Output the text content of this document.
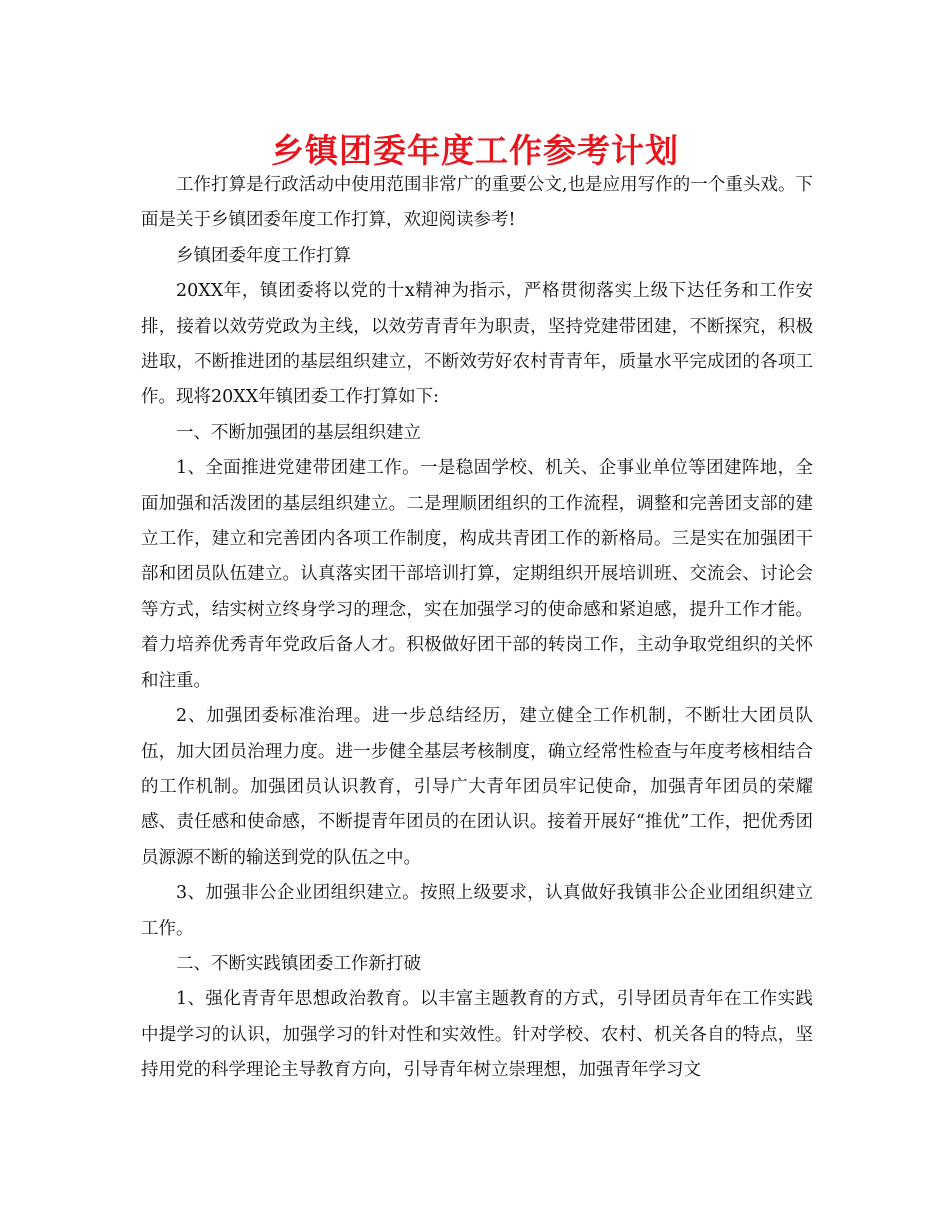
乡镇团委年度工作参考计划

工作打算是行政活动中使用范围非常广的重要公文,也是应用写作的一个重头戏。下面是关于乡镇团委年度工作打算，欢迎阅读参考!

乡镇团委年度工作打算

20XX年，镇团委将以党的十x精神为指示，严格贯彻落实上级下达任务和工作安排，接着以效劳党政为主线，以效劳青青年为职责，坚持党建带团建，不断探究，积极进取，不断推进团的基层组织建立，不断效劳好农村青青年，质量水平完成团的各项工作。现将20XX年镇团委工作打算如下:

一、不断加强团的基层组织建立

1、全面推进党建带团建工作。一是稳固学校、机关、企事业单位等团建阵地，全面加强和活泼团的基层组织建立。二是理顺团组织的工作流程，调整和完善团支部的建立工作，建立和完善团内各项工作制度，构成共青团工作的新格局。三是实在加强团干部和团员队伍建立。认真落实团干部培训打算，定期组织开展培训班、交流会、讨论会等方式，结实树立终身学习的理念，实在加强学习的使命感和紧迫感，提升工作才能。着力培养优秀青年党政后备人才。积极做好团干部的转岗工作，主动争取党组织的关怀和注重。

2、加强团委标准治理。进一步总结经历，建立健全工作机制，不断壮大团员队伍，加大团员治理力度。进一步健全基层考核制度，确立经常性检查与年度考核相结合的工作机制。加强团员认识教育，引导广大青年团员牢记使命，加强青年团员的荣耀感、责任感和使命感，不断提青年团员的在团认识。接着开展好“推优”工作，把优秀团员源源不断的输送到党的队伍之中。

3、加强非公企业团组织建立。按照上级要求，认真做好我镇非公企业团组织建立工作。

二、不断实践镇团委工作新打破

1、强化青青年思想政治教育。以丰富主题教育的方式，引导团员青年在工作实践中提学习的认识，加强学习的针对性和实效性。针对学校、农村、机关各自的特点，坚持用党的科学理论主导教育方向，引导青年树立崇理想，加强青年学习文
